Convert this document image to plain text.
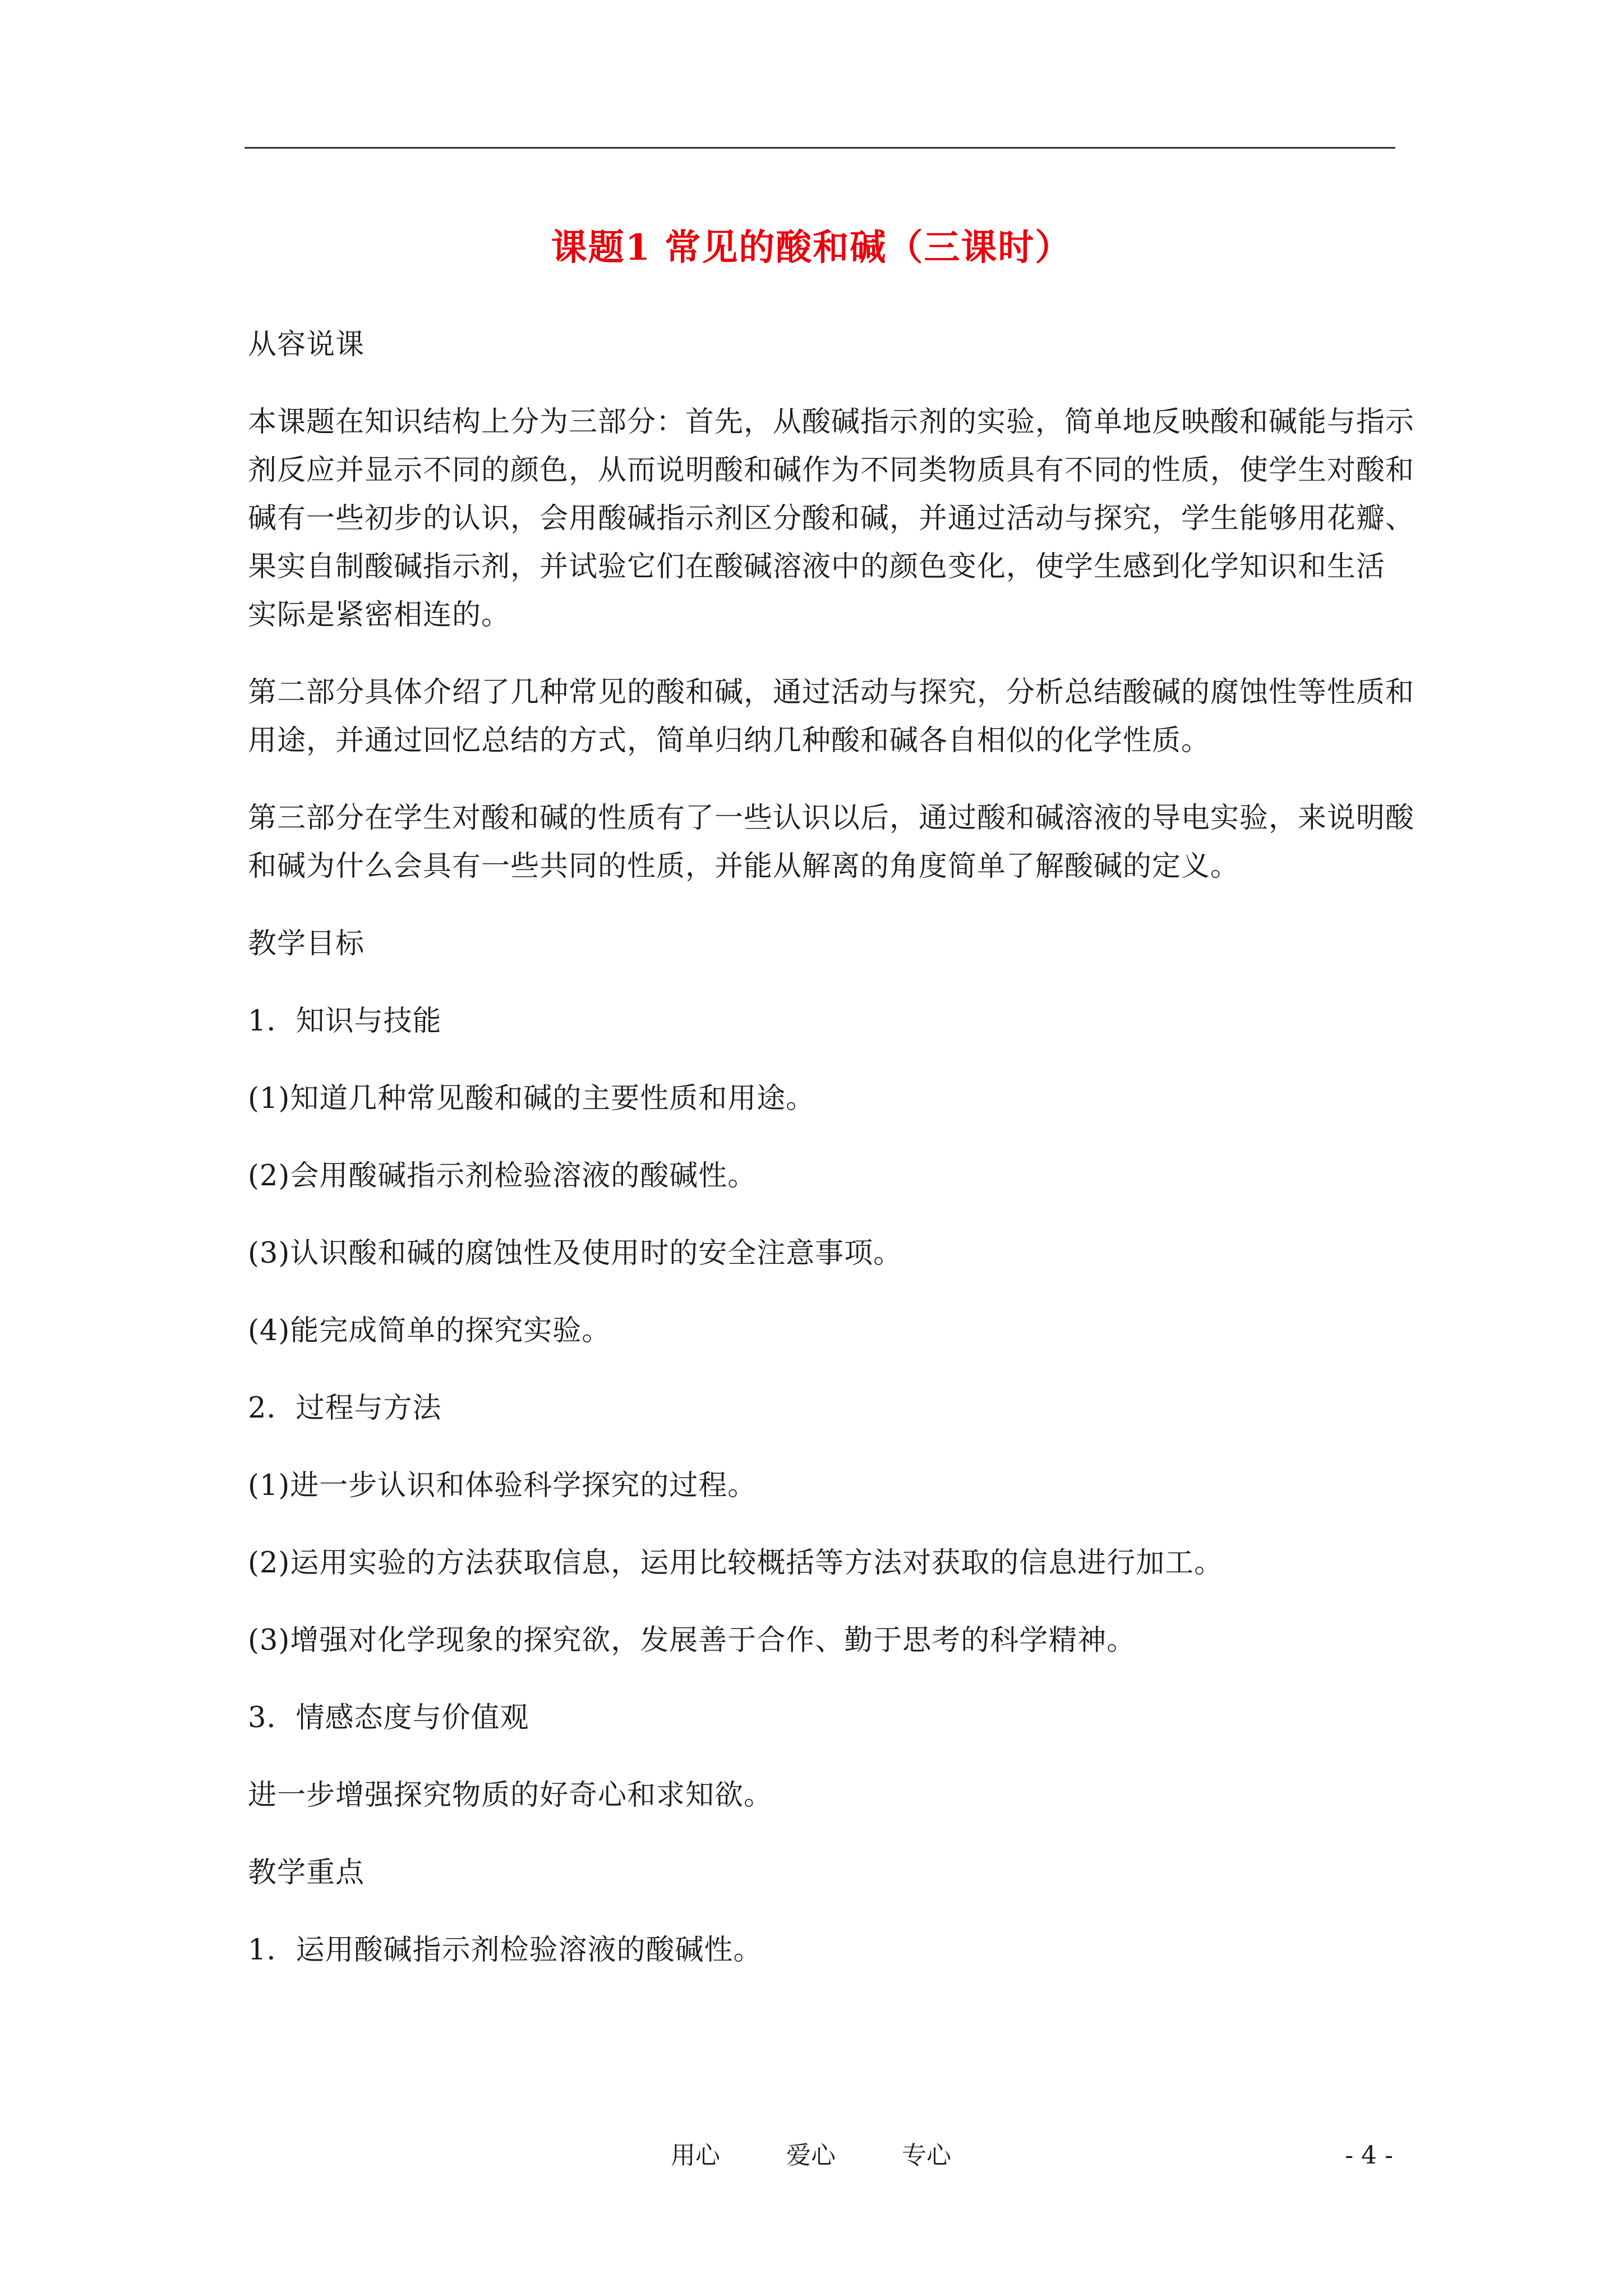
课题1 常见的酸和碱（三课时）
从容说课
本课题在知识结构上分为三部分：首先，从酸碱指示剂的实验，简单地反映酸和碱能与指示
剂反应并显示不同的颜色，从而说明酸和碱作为不同类物质具有不同的性质，使学生对酸和
碱有一些初步的认识，会用酸碱指示剂区分酸和碱，并通过活动与探究，学生能够用花瓣、
果实自制酸碱指示剂，并试验它们在酸碱溶液中的颜色变化，使学生感到化学知识和生活
实际是紧密相连的。
第二部分具体介绍了几种常见的酸和碱，通过活动与探究，分析总结酸碱的腐蚀性等性质和
用途，并通过回忆总结的方式，简单归纳几种酸和碱各自相似的化学性质。
第三部分在学生对酸和碱的性质有了一些认识以后，通过酸和碱溶液的导电实验，来说明酸
和碱为什么会具有一些共同的性质，并能从解离的角度简单了解酸碱的定义。
教学目标
1．知识与技能
(1)知道几种常见酸和碱的主要性质和用途。
(2)会用酸碱指示剂检验溶液的酸碱性。
(3)认识酸和碱的腐蚀性及使用时的安全注意事项。
(4)能完成简单的探究实验。
2．过程与方法
(1)进一步认识和体验科学探究的过程。
(2)运用实验的方法获取信息，运用比较概括等方法对获取的信息进行加工。
(3)增强对化学现象的探究欲，发展善于合作、勤于思考的科学精神。
3．情感态度与价值观
进一步增强探究物质的好奇心和求知欲。
教学重点
1．运用酸碱指示剂检验溶液的酸碱性。
用心	爱心	专心	- 4 -
